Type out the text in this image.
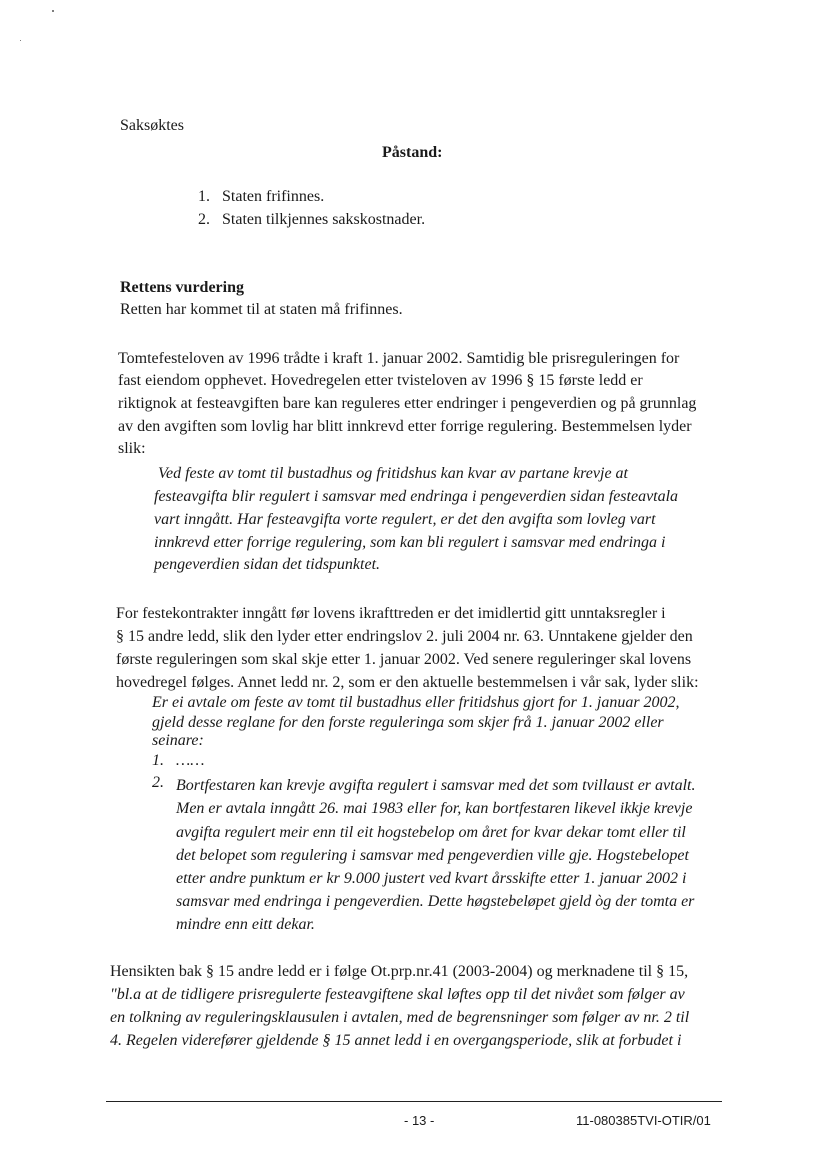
Saksøktes
Påstand:
1. Staten frifinnes.
2. Staten tilkjennes sakskostnader.
Rettens vurdering
Retten har kommet til at staten må frifinnes.
Tomtefesteloven av 1996 trådte i kraft 1. januar 2002. Samtidig ble prisreguleringen for
fast eiendom opphevet. Hovedregelen etter tvisteloven av 1996 § 15 første ledd er
riktignok at festeavgiften bare kan reguleres etter endringer i pengeverdien og på grunnlag
av den avgiften som lovlig har blitt innkrevd etter forrige regulering. Bestemmelsen lyder
slik:
Ved feste av tomt til bustadhus og fritidshus kan kvar av partane krevje at
festeavgifta blir regulert i samsvar med endringa i pengeverdien sidan festeavtala
vart inngått. Har festeavgifta vorte regulert, er det den avgifta som lovleg vart
innkrevd etter forrige regulering, som kan bli regulert i samsvar med endringa i
pengeverdien sidan det tidspunktet.
For festekontrakter inngått før lovens ikrafttreden er det imidlertid gitt unntaksregler i
§ 15 andre ledd, slik den lyder etter endringslov 2. juli 2004 nr. 63. Unntakene gjelder den
første reguleringen som skal skje etter 1. januar 2002. Ved senere reguleringer skal lovens
hovedregel følges. Annet ledd nr. 2, som er den aktuelle bestemmelsen i vår sak, lyder slik:
Er ei avtale om feste av tomt til bustadhus eller fritidshus gjort for 1. januar 2002,
gjeld desse reglane for den forste reguleringa som skjer frå 1. januar 2002 eller
seinare:
1. ……
2. Bortfestaren kan krevje avgifta regulert i samsvar med det som tvillaust er avtalt.
Men er avtala inngått 26. mai 1983 eller for, kan bortfestaren likevel ikkje krevje
avgifta regulert meir enn til eit hogstebelop om året for kvar dekar tomt eller til
det belopet som regulering i samsvar med pengeverdien ville gje. Hogstebelopet
etter andre punktum er kr 9.000 justert ved kvart årsskifte etter 1. januar 2002 i
samsvar med endringa i pengeverdien. Dette høgstebeløpet gjeld òg der tomta er
mindre enn eitt dekar.
Hensikten bak § 15 andre ledd er i følge Ot.prp.nr.41 (2003-2004) og merknadene til § 15,
"bl.a at de tidligere prisregulerte festeavgiftene skal løftes opp til det nivået som følger av
en tolkning av reguleringsklausulen i avtalen, med de begrensninger som følger av nr. 2 til
4. Regelen viderefører gjeldende § 15 annet ledd i en overgangsperiode, slik at forbudet i
- 13 -	11-080385TVI-OTIR/01
